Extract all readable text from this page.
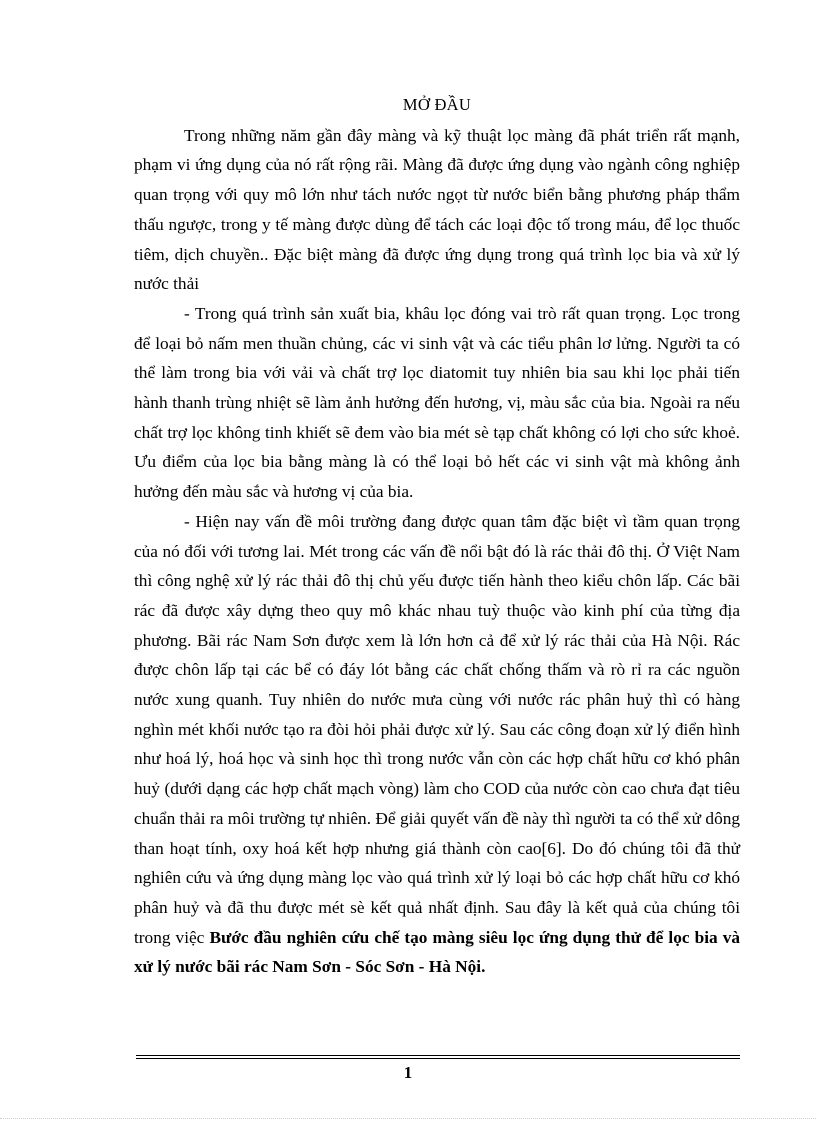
MỞ ĐẦU

Trong những năm gần đây màng và kỹ thuật lọc màng đã phát triển rất mạnh, phạm vi ứng dụng của nó rất rộng rãi. Màng đã được ứng dụng vào ngành công nghiệp quan trọng với quy mô lớn như tách nước ngọt từ nước biển bằng phương pháp thẩm thấu ngược, trong y tế màng được dùng để tách các loại độc tố trong máu, để lọc thuốc tiêm, dịch chuyền.. Đặc biệt màng đã được ứng dụng trong quá trình lọc bia và xử lý nước thải

- Trong quá trình sản xuất bia, khâu lọc đóng vai trò rất quan trọng. Lọc trong để loại bỏ nấm men thuần chủng, các vi sinh vật và các tiểu phân lơ lửng. Người ta có thể làm trong bia với vải và chất trợ lọc diatomit tuy nhiên bia sau khi lọc phải tiến hành thanh trùng nhiệt sẽ làm ảnh hưởng đến hương, vị, màu sắc của bia. Ngoài ra nếu chất trợ lọc không tinh khiết sẽ đem vào bia mét sè tạp chất không có lợi cho sức khoẻ. Ưu điểm của lọc bia bằng màng là có thể loại bỏ hết các vi sinh vật mà không ảnh hưởng đến màu sắc và hương vị của bia.

- Hiện nay vấn đề môi trường đang được quan tâm đặc biệt vì tầm quan trọng của nó đối với tương lai. Mét trong các vấn đề nổi bật đó là rác thải đô thị. Ở Việt Nam thì công nghệ xử lý rác thải đô thị chủ yếu được tiến hành theo kiểu chôn lấp. Các bãi rác đã được xây dựng theo quy mô khác nhau tuỳ thuộc vào kinh phí của từng địa phương. Bãi rác Nam Sơn được xem là lớn hơn cả để xử lý rác thải của Hà Nội. Rác được chôn lấp tại các bể có đáy lót bằng các chất chống thấm và rò rỉ ra các nguồn nước xung quanh. Tuy nhiên do nước mưa cùng với nước rác phân huỷ thì có hàng nghìn mét khối nước tạo ra đòi hỏi phải được xử lý. Sau các công đoạn xử lý điển hình như hoá lý, hoá học và sinh học thì trong nước vẫn còn các hợp chất hữu cơ khó phân huỷ (dưới dạng các hợp chất mạch vòng) làm cho COD của nước còn cao chưa đạt tiêu chuẩn thải ra môi trường tự nhiên. Để giải quyết vấn đề này thì người ta có thể xử dông than hoạt tính, oxy hoá kết hợp nhưng giá thành còn cao[6]. Do đó chúng tôi đã thử nghiên cứu và ứng dụng màng lọc vào quá trình xử lý loại bỏ các hợp chất hữu cơ khó phân huỷ và đã thu được mét sè kết quả nhất định. Sau đây là kết quả của chúng tôi trong việc Bước đầu nghiên cứu chế tạo màng siêu lọc ứng dụng thử để lọc bia và xử lý nước bãi rác Nam Sơn - Sóc Sơn - Hà Nội.

1
